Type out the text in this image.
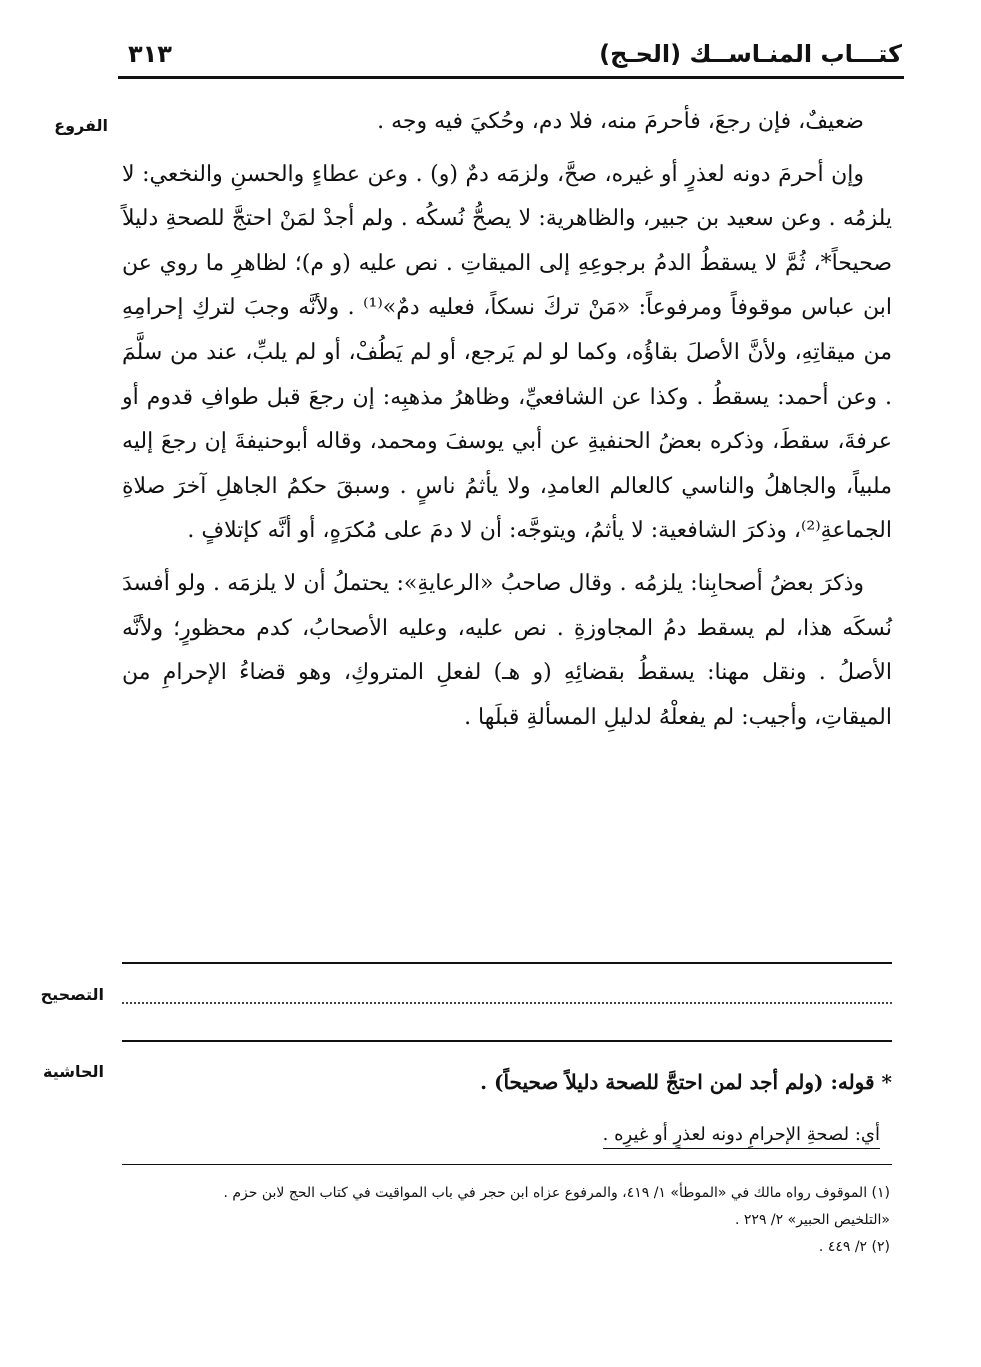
كتـــاب المنـاســك (الحـج)
٣١٣
الفروع	ضعيفٌ، فإن رجعَ، فأحرمَ منه، فلا دم، وحُكيَ فيه وجه .

وإن أحرمَ دونه لعذرٍ أو غيره، صحَّ، ولزمَه دمٌ (و) . وعن عطاءٍ والحسنِ والنخعي: لا يلزمُه . وعن سعيد بن جبير، والظاهرية: لا يصحُّ نُسكُه . ولم أجدْ لمَنْ احتجَّ للصحةِ دليلاً صحيحاً*، ثُمَّ لا يسقطُ الدمُ برجوعِهِ إلى الميقاتِ . نص عليه (و م)؛ لظاهرِ ما روي عن ابن عباس موقوفاً ومرفوعاً: «مَنْ تركَ نسكاً، فعليه دمٌ»⁽¹⁾ . ولأنَّه وجبَ لتركِ إحرامِهِ من ميقاتِهِ، ولأنَّ الأصلَ بقاؤُه، وكما لو لم يَرجع، أو لم يَطُفْ، أو لم يلبِّ، عند من سلَّمَ . وعن أحمد: يسقطُ . وكذا عن الشافعيِّ، وظاهرُ مذهبِه: إن رجعَ قبل طوافِ قدوم أو عرفةَ، سقطَ، وذكره بعضُ الحنفيةِ عن أبي يوسفَ ومحمد، وقاله أبوحنيفةَ إن رجعَ إليه ملبياً، والجاهلُ والناسي كالعالم العامدِ، ولا يأثمُ ناسٍ . وسبقَ حكمُ الجاهلِ آخرَ صلاةِ الجماعةِ⁽²⁾، وذكرَ الشافعية: لا يأثمُ، ويتوجَّه: أن لا دمَ على مُكرَهٍ، أو أنَّه كإتلافٍ .

وذكرَ بعضُ أصحابِنا: يلزمُه . وقال صاحبُ «الرعايةِ»: يحتملُ أن لا يلزمَه . ولو أفسدَ نُسكَه هذا، لم يسقط دمُ المجاوزةِ . نص عليه، وعليه الأصحابُ، كدم محظورٍ؛ ولأنَّه الأصلُ . ونقل مهنا: يسقطُ بقضائِهِ (و هـ) لفعلِ المتروكِ، وهو قضاءُ الإحرامِ من الميقاتِ، وأجيب: لم يفعلْهُ لدليلِ المسألةِ قبلَها .

التصحيح
الحاشية	* قوله: (ولم أجد لمن احتجَّ للصحة دليلاً صحيحاً) .
أي: لصحةِ الإحرامِ دونه لعذرٍ أو غيرِه .
(١) الموقوف رواه مالك في «الموطأ» ١/ ٤١٩، والمرفوع عزاه ابن حجر في باب المواقيت في كتاب الحج لابن حزم .
«التلخيص الحبير» ٢/ ٢٢٩ .
(٢) ٢/ ٤٤٩ .
